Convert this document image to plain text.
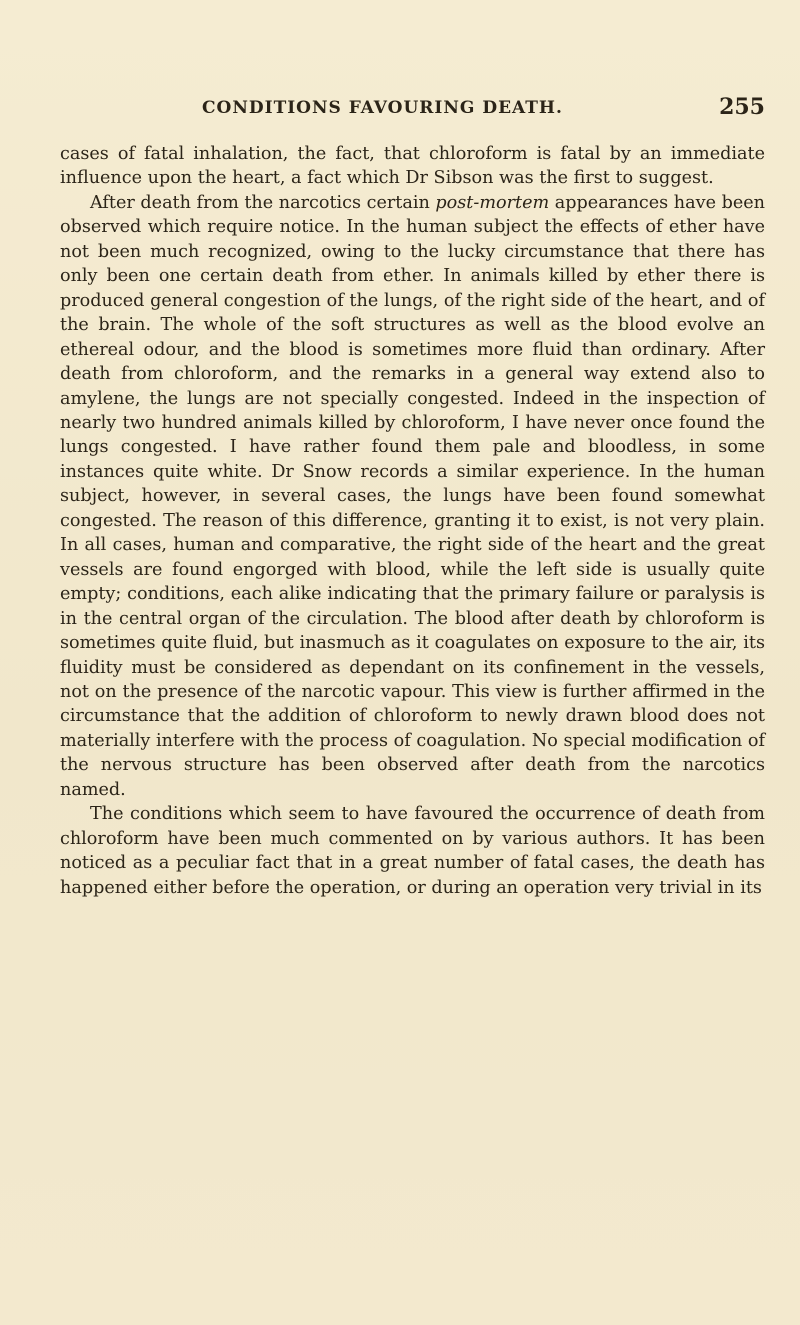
CONDITIONS FAVOURING DEATH.	255

cases of fatal inhalation, the fact, that chloroform is fatal by an immediate influence upon the heart, a fact which Dr Sibson was the first to suggest.

After death from the narcotics certain post-mortem appearances have been observed which require notice. In the human subject the effects of ether have not been much recognized, owing to the lucky circumstance that there has only been one certain death from ether. In animals killed by ether there is produced general congestion of the lungs, of the right side of the heart, and of the brain. The whole of the soft structures as well as the blood evolve an ethereal odour, and the blood is sometimes more fluid than ordinary. After death from chloroform, and the remarks in a general way extend also to amylene, the lungs are not specially congested. Indeed in the inspection of nearly two hundred animals killed by chloroform, I have never once found the lungs congested. I have rather found them pale and bloodless, in some instances quite white. Dr Snow records a similar experience. In the human subject, however, in several cases, the lungs have been found somewhat congested. The reason of this difference, granting it to exist, is not very plain. In all cases, human and comparative, the right side of the heart and the great vessels are found engorged with blood, while the left side is usually quite empty; conditions, each alike indicating that the primary failure or paralysis is in the central organ of the circulation. The blood after death by chloroform is sometimes quite fluid, but inasmuch as it coagulates on exposure to the air, its fluidity must be considered as dependant on its confinement in the vessels, not on the presence of the narcotic vapour. This view is further affirmed in the circumstance that the addition of chloroform to newly drawn blood does not materially interfere with the process of coagulation. No special modification of the nervous structure has been observed after death from the narcotics named.

The conditions which seem to have favoured the occurrence of death from chloroform have been much commented on by various authors. It has been noticed as a peculiar fact that in a great number of fatal cases, the death has happened either before the operation, or during an operation very trivial in its
